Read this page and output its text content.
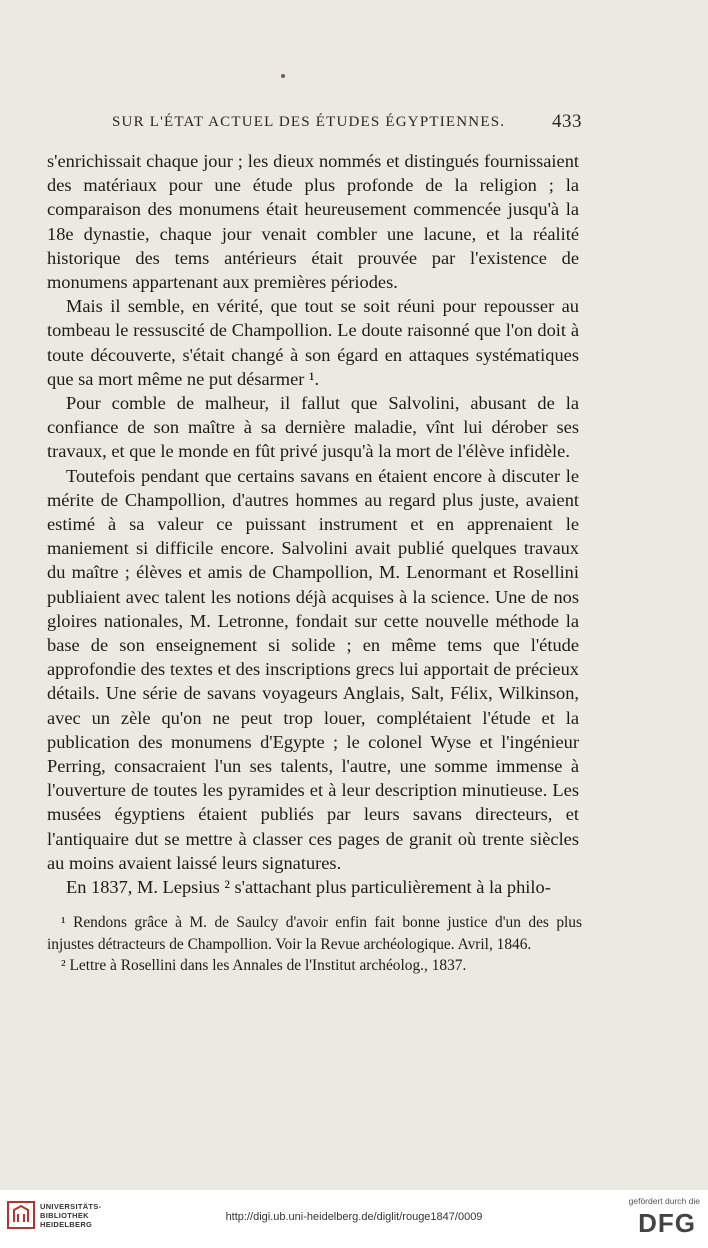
SUR L'ÉTAT ACTUEL DES ÉTUDES ÉGYPTIENNES. 433

s'enrichissait chaque jour ; les dieux nommés et distingués fournissaient des matériaux pour une étude plus profonde de la religion ; la comparaison des monumens était heureusement commencée jusqu'à la 18e dynastie, chaque jour venait combler une lacune, et la réalité historique des tems antérieurs était prouvée par l'existence de monumens appartenant aux premières périodes.

Mais il semble, en vérité, que tout se soit réuni pour repousser au tombeau le ressuscité de Champollion. Le doute raisonné que l'on doit à toute découverte, s'était changé à son égard en attaques systématiques que sa mort même ne put désarmer ¹.

Pour comble de malheur, il fallut que Salvolini, abusant de la confiance de son maître à sa dernière maladie, vînt lui dérober ses travaux, et que le monde en fût privé jusqu'à la mort de l'élève infidèle.

Toutefois pendant que certains savans en étaient encore à discuter le mérite de Champollion, d'autres hommes au regard plus juste, avaient estimé à sa valeur ce puissant instrument et en apprenaient le maniement si difficile encore. Salvolini avait publié quelques travaux du maître ; élèves et amis de Champollion, M. Lenormant et Rosellini publiaient avec talent les notions déjà acquises à la science. Une de nos gloires nationales, M. Letronne, fondait sur cette nouvelle méthode la base de son enseignement si solide ; en même tems que l'étude approfondie des textes et des inscriptions grecs lui apportait de précieux détails. Une série de savans voyageurs Anglais, Salt, Félix, Wilkinson, avec un zèle qu'on ne peut trop louer, complétaient l'étude et la publication des monumens d'Egypte ; le colonel Wyse et l'ingénieur Perring, consacraient l'un ses talents, l'autre, une somme immense à l'ouverture de toutes les pyramides et à leur description minutieuse. Les musées égyptiens étaient publiés par leurs savans directeurs, et l'antiquaire dut se mettre à classer ces pages de granit où trente siècles au moins avaient laissé leurs signatures.

En 1837, M. Lepsius ² s'attachant plus particulièrement à la philo-

¹ Rendons grâce à M. de Saulcy d'avoir enfin fait bonne justice d'un des plus injustes détracteurs de Champollion. Voir la Revue archéologique. Avril, 1846.

² Lettre à Rosellini dans les Annales de l'Institut archéolog., 1837.

UNIVERSITÄTS-
BIBLIOTHEK
HEIDELBERG
http://digi.ub.uni-heidelberg.de/diglit/rouge1847/0009
gefördert durch die
DFG
